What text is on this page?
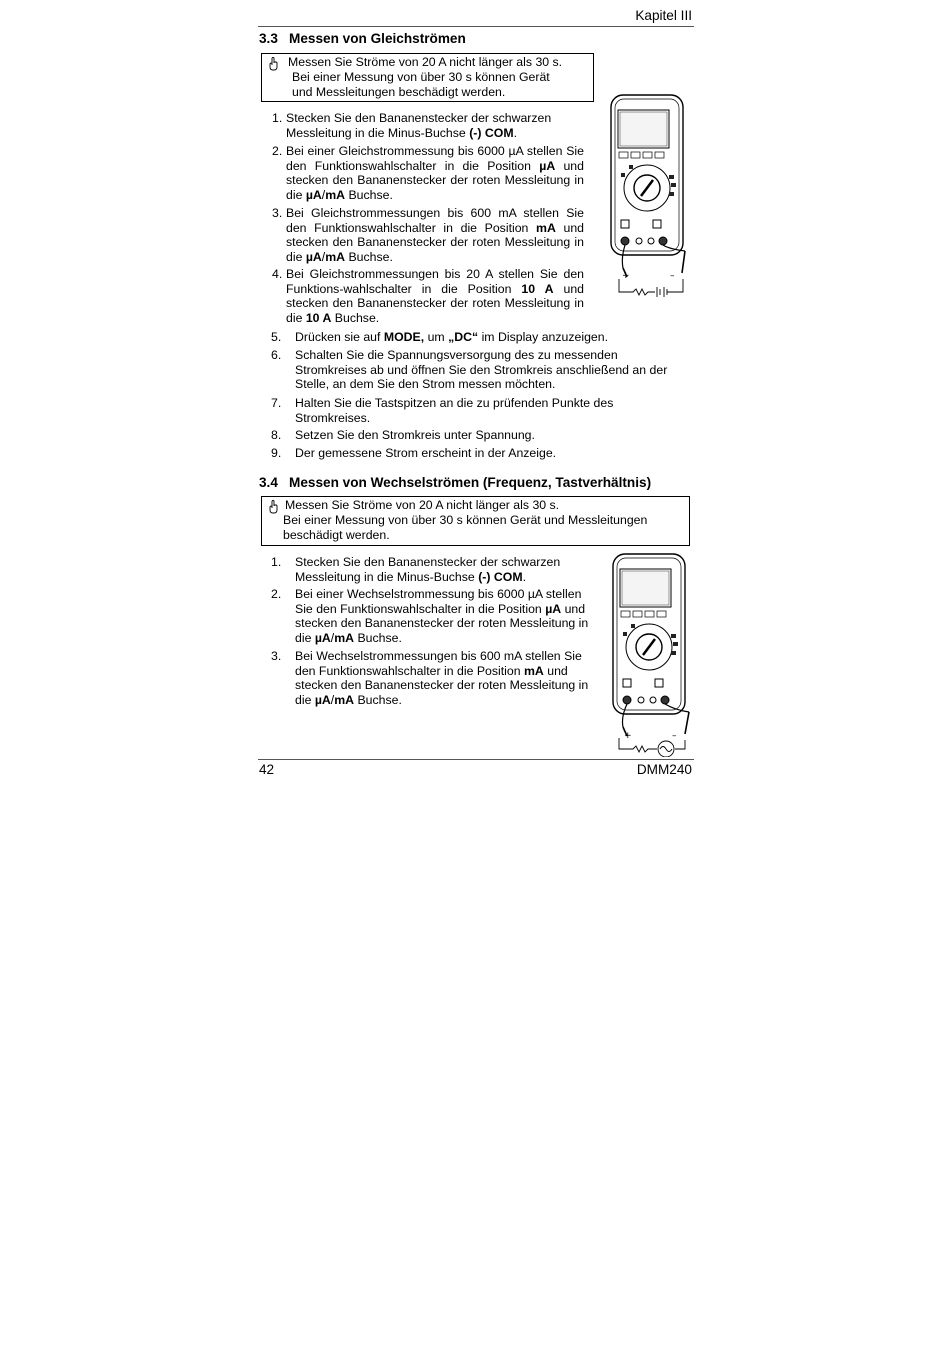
Kapitel III
3.3 Messen von Gleichströmen
Messen Sie Ströme von 20 A nicht länger als 30 s.
Bei einer Messung von über 30 s können Gerät
und Messleitungen beschädigt werden.
1. Stecken Sie den Bananenstecker der schwarzen Messleitung in die Minus-Buchse (-) COM.
2. Bei einer Gleichstrommessung bis 6000 µA stellen Sie den Funktionswahlschalter in die Position µA und stecken den Bananenstecker der roten Messleitung in die µA/mA Buchse.
3. Bei Gleichstrommessungen bis 600 mA stellen Sie den Funktionswahlschalter in die Position mA und stecken den Bananenstecker der roten Messleitung in die µA/mA Buchse.
4. Bei Gleichstrommessungen bis 20 A stellen Sie den Funktions-wahlschalter in die Position 10 A und stecken den Bananenstecker der roten Messleitung in die 10 A Buchse.
5. Drücken sie auf MODE, um „DC“ im Display anzuzeigen.
6. Schalten Sie die Spannungsversorgung des zu messenden Stromkreises ab und öffnen Sie den Stromkreis anschließend an der Stelle, an dem Sie den Strom messen möchten.
7. Halten Sie die Tastspitzen an die zu prüfenden Punkte des Stromkreises.
8. Setzen Sie den Stromkreis unter Spannung.
9. Der gemessene Strom erscheint in der Anzeige.
+	–
3.4 Messen von Wechselströmen (Frequenz, Tastverhältnis)
Messen Sie Ströme von 20 A nicht länger als 30 s.
Bei einer Messung von über 30 s können Gerät und Messleitungen
beschädigt werden.
1. Stecken Sie den Bananenstecker der schwarzen Messleitung in die Minus-Buchse (-) COM.
2. Bei einer Wechselstrommessung bis 6000 µA stellen Sie den Funktionswahlschalter in die Position µA und stecken den Bananenstecker der roten Messleitung in die µA/mA Buchse.
3. Bei Wechselstrommessungen bis 600 mA stellen Sie den Funktionswahlschalter in die Position mA und stecken den Bananenstecker der roten Messleitung in die µA/mA Buchse.
+	–
42	DMM240
